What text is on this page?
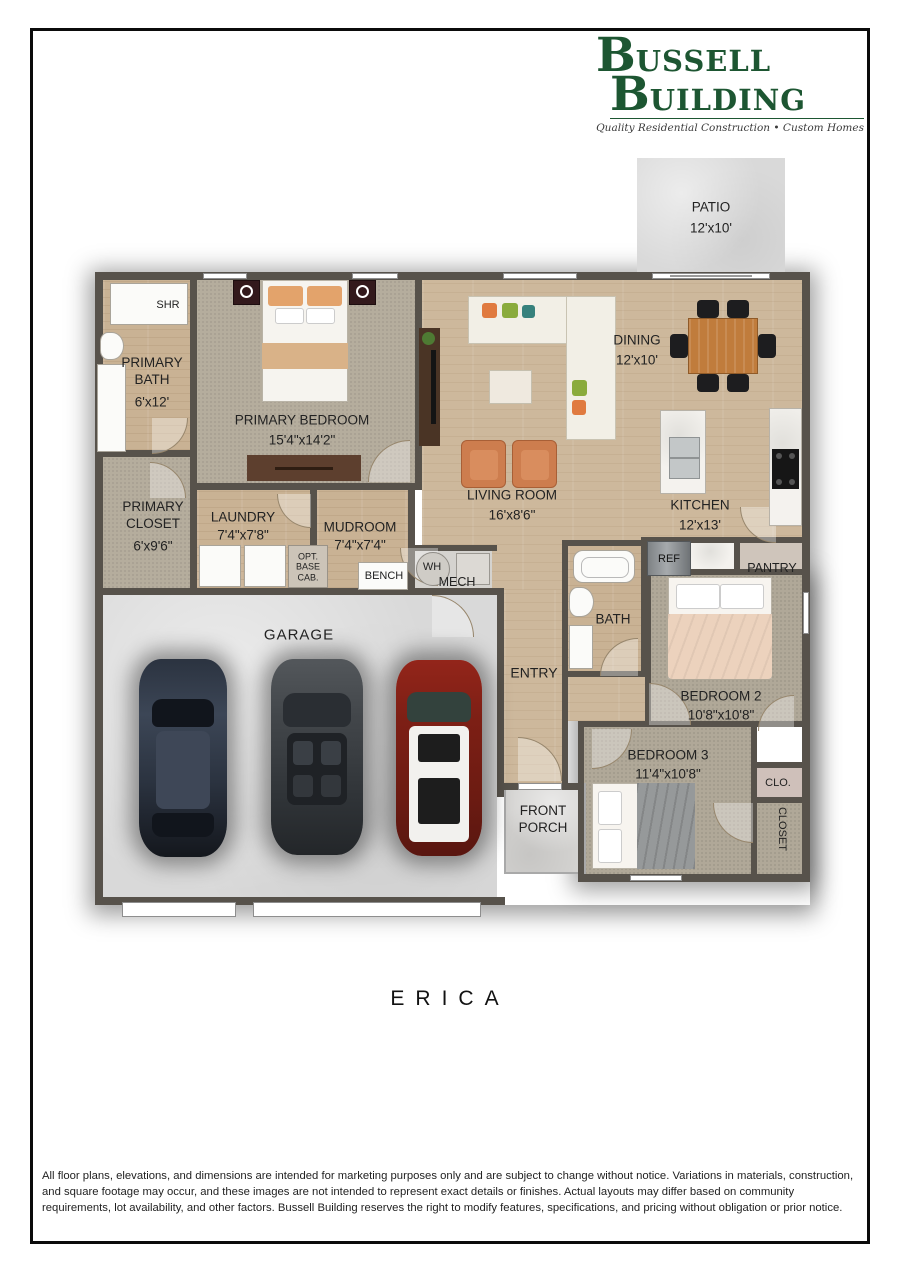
BUSSELL
BUILDING
Quality Residential Construction • Custom Homes
PATIO
12'x10'
SHR
REF
OPT. BASE CAB.	BENCH
WH
MECH
PRIMARY BATH
6'x12'
PRIMARY BEDROOM
15'4"x14'2"
PRIMARY CLOSET
6'x9'6"
LAUNDRY
7'4"x7'8"
MUDROOM
7'4"x7'4"
LIVING ROOM
16'x8'6"
DINING
12'x10'
KITCHEN
12'x13'
PANTRY
BATH
ENTRY
GARAGE
BEDROOM 2
10'8"x10'8"
BEDROOM 3
11'4"x10'8"
CLO.
CLOSET
FRONT PORCH
ERICA
All floor plans, elevations, and dimensions are intended for marketing purposes only and are subject to change without notice. Variations in materials, construction, and square footage may occur, and these images are not intended to represent exact details or finishes. Actual layouts may differ based on community requirements, lot availability, and other factors. Bussell Building reserves the right to modify features, specifications, and pricing without obligation or prior notice.
